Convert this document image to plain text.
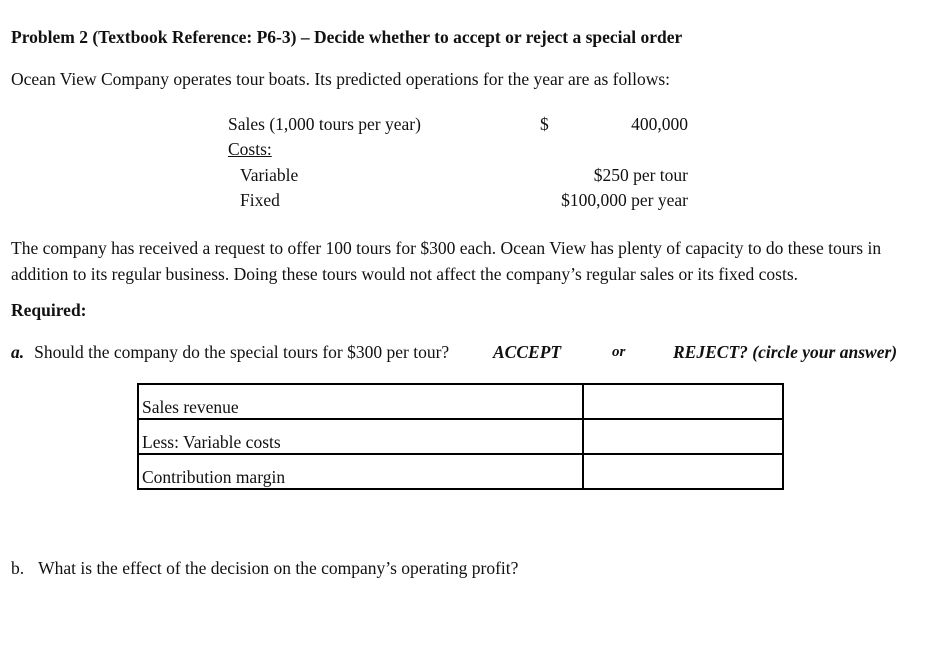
Problem 2 (Textbook Reference: P6-3) – Decide whether to accept or reject a special order
Ocean View Company operates tour boats. Its predicted operations for the year are as follows:
Sales (1,000 tours per year)	$	400,000
Costs:
Variable	$250 per tour
Fixed	$100,000 per year
The company has received a request to offer 100 tours for $300 each. Ocean View has plenty of capacity to do these tours in addition to its regular business. Doing these tours would not affect the company’s regular sales or its fixed costs.
Required:
a. Should the company do the special tours for $300 per tour?	ACCEPT	or	REJECT? (circle your answer)
Sales revenue	
Less: Variable costs	
Contribution margin	
b. What is the effect of the decision on the company’s operating profit?
